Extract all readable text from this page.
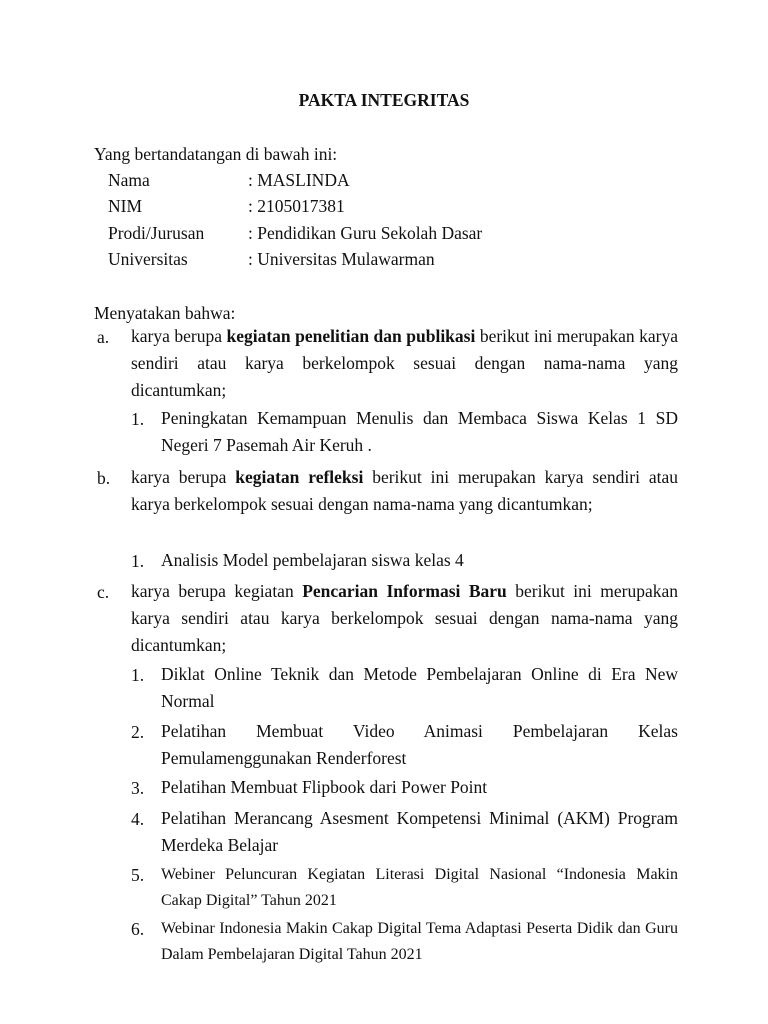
PAKTA INTEGRITAS
Yang bertandatangan di bawah ini:
Nama	: MASLINDA
NIM	: 2105017381
Prodi/Jurusan	: Pendidikan Guru Sekolah Dasar
Universitas	: Universitas Mulawarman
Menyatakan bahwa:
a. karya berupa kegiatan penelitian dan publikasi berikut ini merupakan karya sendiri atau karya berkelompok sesuai dengan nama-nama yang dicantumkan;
1. Peningkatan Kemampuan Menulis dan Membaca Siswa Kelas 1 SD Negeri 7 Pasemah Air Keruh .
b. karya berupa kegiatan refleksi berikut ini merupakan karya sendiri atau karya berkelompok sesuai dengan nama-nama yang dicantumkan;
1. Analisis Model pembelajaran siswa kelas 4
c. karya berupa kegiatan Pencarian Informasi Baru berikut ini merupakan karya sendiri atau karya berkelompok sesuai dengan nama-nama yang dicantumkan;
1. Diklat Online Teknik dan Metode Pembelajaran Online di Era New Normal
2. Pelatihan Membuat Video Animasi Pembelajaran Kelas Pemulamenggunakan Renderforest
3. Pelatihan Membuat Flipbook dari Power Point
4. Pelatihan Merancang Asesment Kompetensi Minimal (AKM) Program Merdeka Belajar
5. Webiner Peluncuran Kegiatan Literasi Digital Nasional “Indonesia Makin Cakap Digital” Tahun 2021
6. Webinar Indonesia Makin Cakap Digital Tema Adaptasi Peserta Didik dan Guru Dalam Pembelajaran Digital Tahun 2021
